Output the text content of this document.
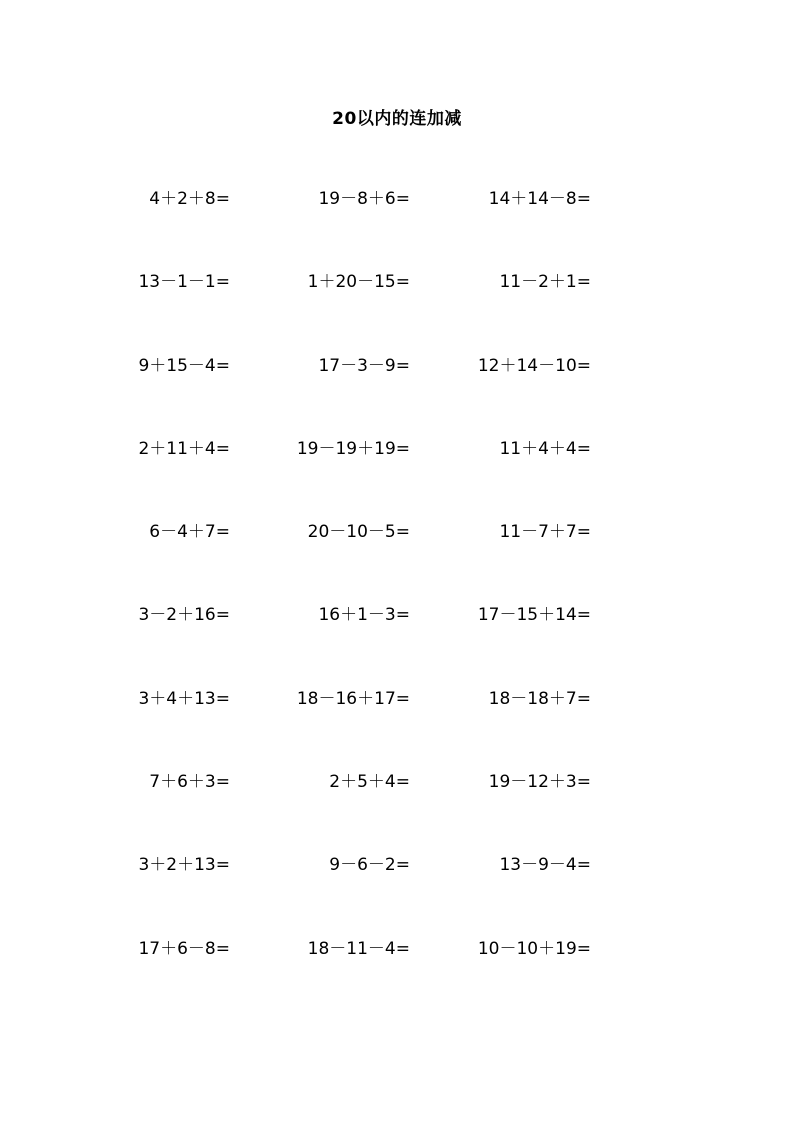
20以内的连加减
4＋2＋8=	19－8＋6=	14＋14－8=
13－1－1=	1＋20－15=	11－2＋1=
9＋15－4=	17－3－9=	12＋14－10=
2＋11＋4=	19－19＋19=	11＋4＋4=
6－4＋7=	20－10－5=	11－7＋7=
3－2＋16=	16＋1－3=	17－15＋14=
3＋4＋13=	18－16＋17=	18－18＋7=
7＋6＋3=	2＋5＋4=	19－12＋3=
3＋2＋13=	9－6－2=	13－9－4=
17＋6－8=	18－11－4=	10－10＋19=
